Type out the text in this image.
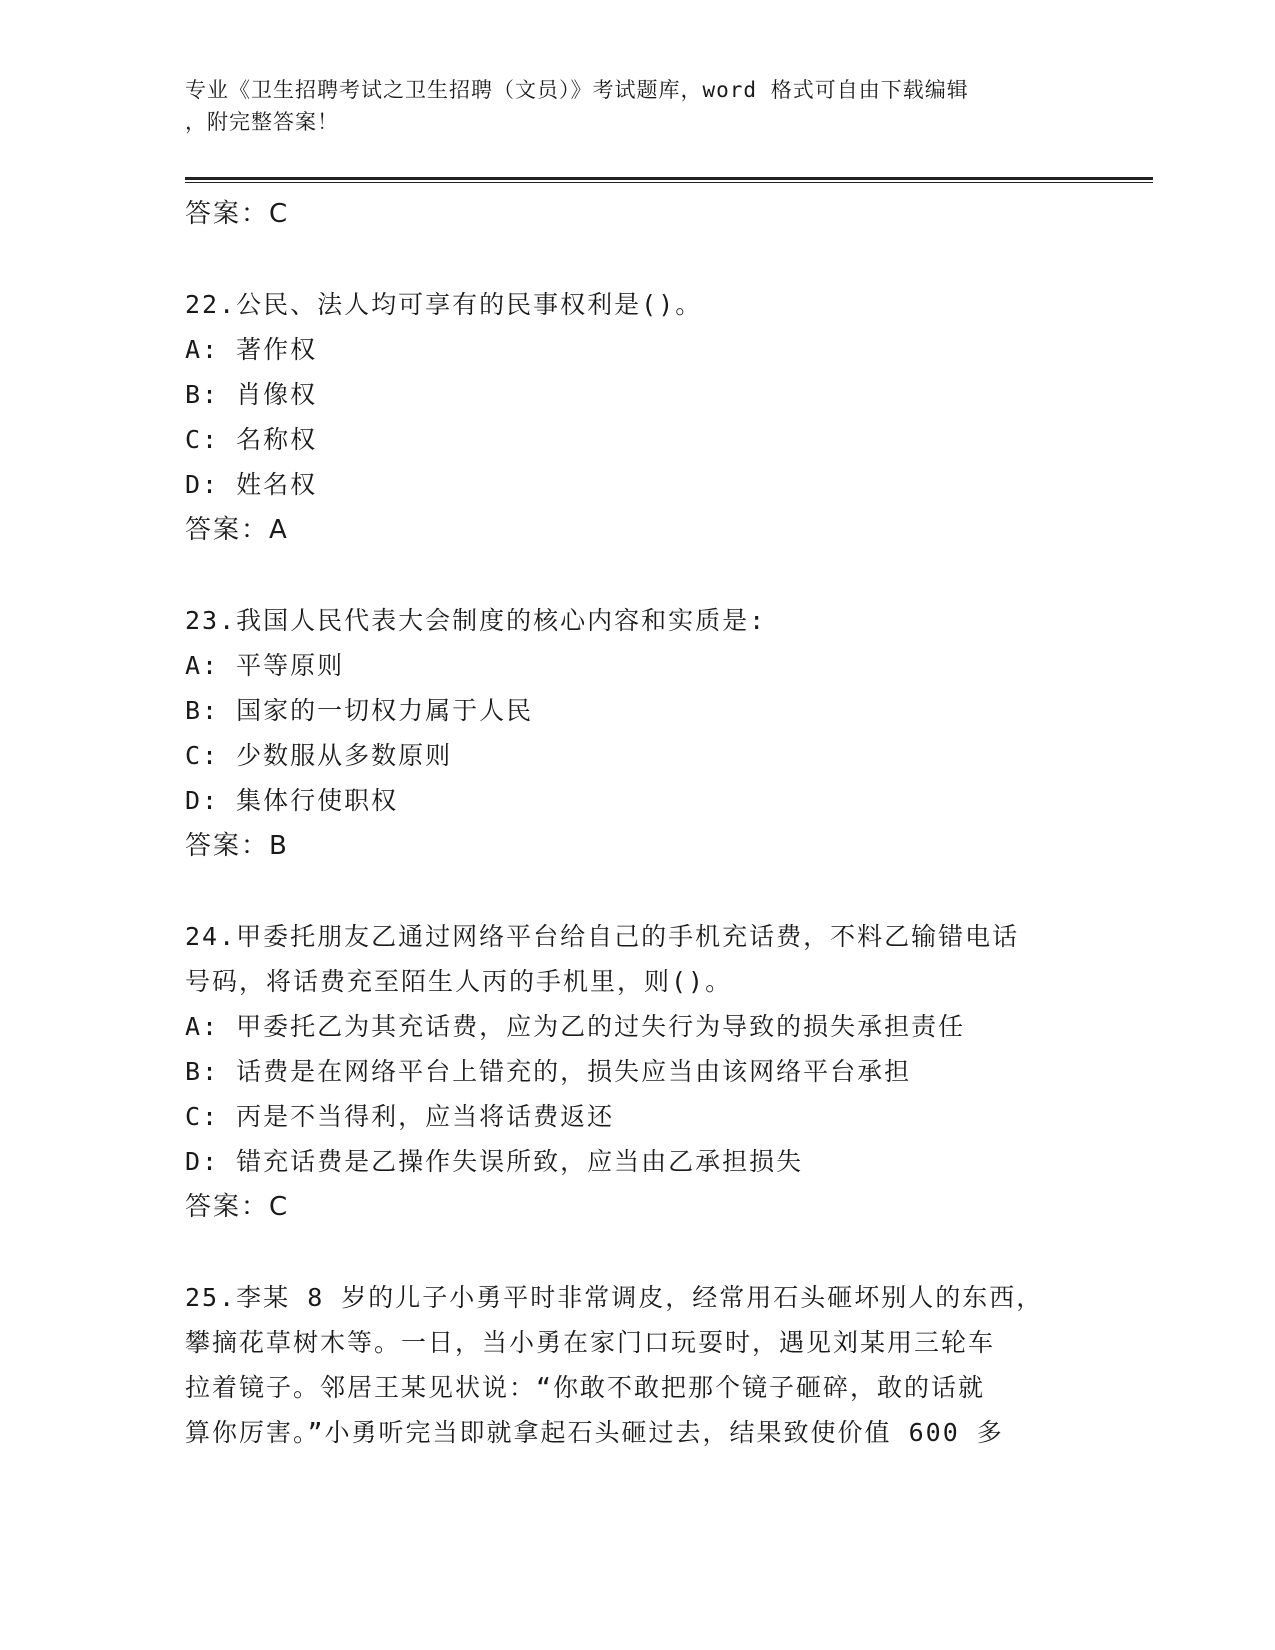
专业《卫生招聘考试之卫生招聘（文员）》考试题库，word 格式可自由下载编辑
，附完整答案！
答案：C
22.公民、法人均可享有的民事权利是()。
A: 著作权
B: 肖像权
C: 名称权
D: 姓名权
答案：A
23.我国人民代表大会制度的核心内容和实质是:
A: 平等原则
B: 国家的一切权力属于人民
C: 少数服从多数原则
D: 集体行使职权
答案：B
24.甲委托朋友乙通过网络平台给自己的手机充话费，不料乙输错电话
号码，将话费充至陌生人丙的手机里，则()。
A: 甲委托乙为其充话费，应为乙的过失行为导致的损失承担责任
B: 话费是在网络平台上错充的，损失应当由该网络平台承担
C: 丙是不当得利，应当将话费返还
D: 错充话费是乙操作失误所致，应当由乙承担损失
答案：C
25.李某 8 岁的儿子小勇平时非常调皮，经常用石头砸坏别人的东西，
攀摘花草树木等。一日，当小勇在家门口玩耍时，遇见刘某用三轮车
拉着镜子。邻居王某见状说：“你敢不敢把那个镜子砸碎，敢的话就
算你厉害。”小勇听完当即就拿起石头砸过去，结果致使价值 600 多
